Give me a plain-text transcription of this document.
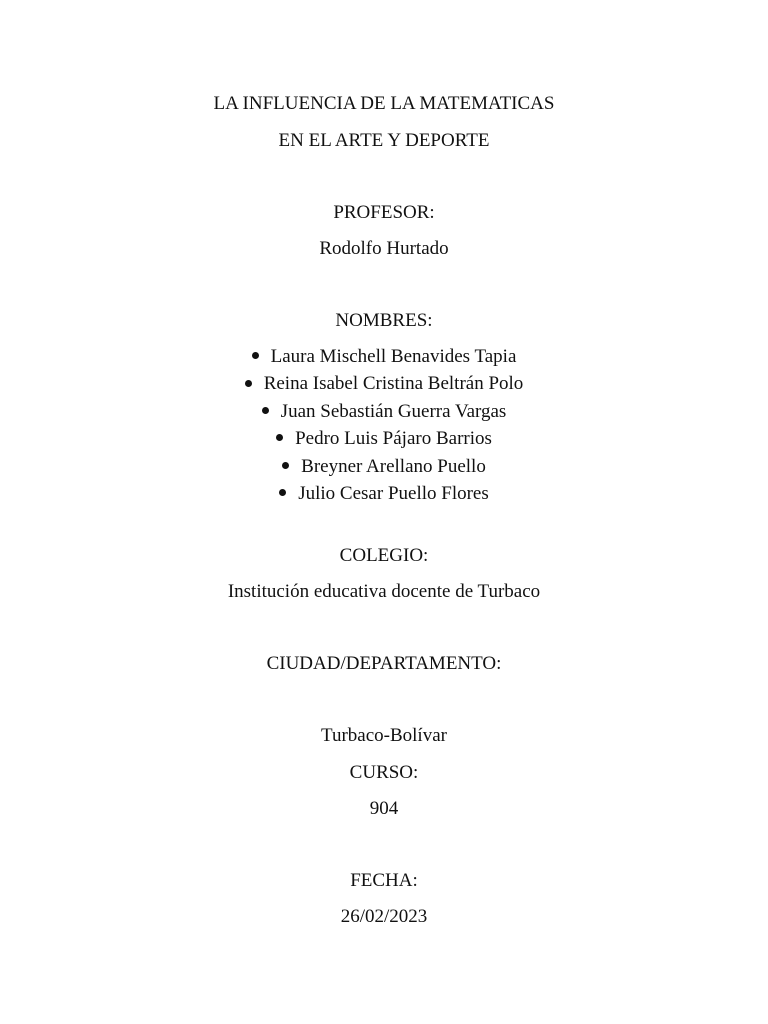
LA INFLUENCIA DE LA MATEMATICAS
EN EL ARTE Y DEPORTE
PROFESOR:
Rodolfo Hurtado
NOMBRES:
Laura Mischell Benavides Tapia
Reina Isabel Cristina Beltrán Polo
Juan Sebastián Guerra Vargas
Pedro Luis Pájaro Barrios
Breyner Arellano Puello
Julio Cesar Puello Flores
COLEGIO:
Institución educativa docente de Turbaco
CIUDAD/DEPARTAMENTO:
Turbaco-Bolívar
CURSO:
904
FECHA:
26/02/2023
